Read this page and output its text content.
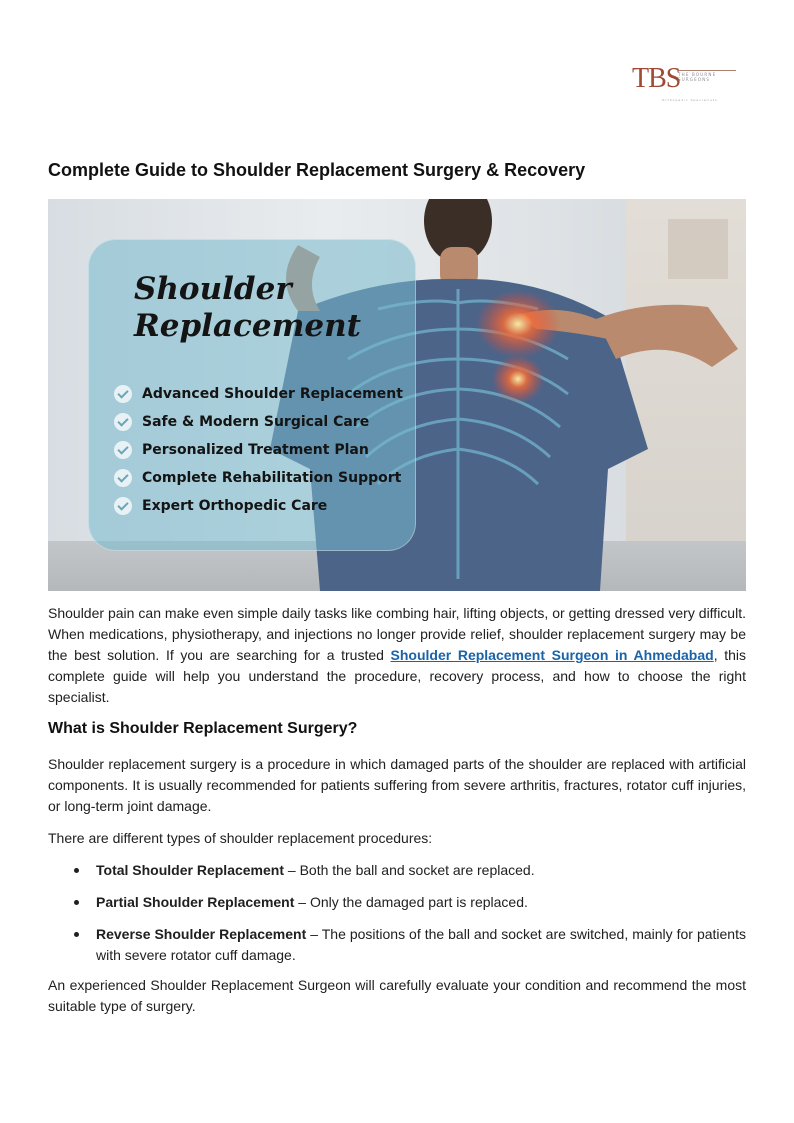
TBS
THE BOURNE SURGEONS
Orthopedic Specialists
Complete Guide to Shoulder Replacement Surgery & Recovery
Shoulder
Replacement
Advanced Shoulder Replacement
Safe & Modern Surgical Care
Personalized Treatment Plan
Complete Rehabilitation Support
Expert Orthopedic Care

Shoulder pain can make even simple daily tasks like combing hair, lifting objects, or getting dressed very difficult. When medications, physiotherapy, and injections no longer provide relief, shoulder replacement surgery may be the best solution. If you are searching for a trusted Shoulder Replacement Surgeon in Ahmedabad, this complete guide will help you understand the procedure, recovery process, and how to choose the right specialist.

What is Shoulder Replacement Surgery?

Shoulder replacement surgery is a procedure in which damaged parts of the shoulder are replaced with artificial components. It is usually recommended for patients suffering from severe arthritis, fractures, rotator cuff injuries, or long-term joint damage.

There are different types of shoulder replacement procedures:

Total Shoulder Replacement – Both the ball and socket are replaced.
Partial Shoulder Replacement – Only the damaged part is replaced.
Reverse Shoulder Replacement – The positions of the ball and socket are switched, mainly for patients with severe rotator cuff damage.

An experienced Shoulder Replacement Surgeon will carefully evaluate your condition and recommend the most suitable type of surgery.
